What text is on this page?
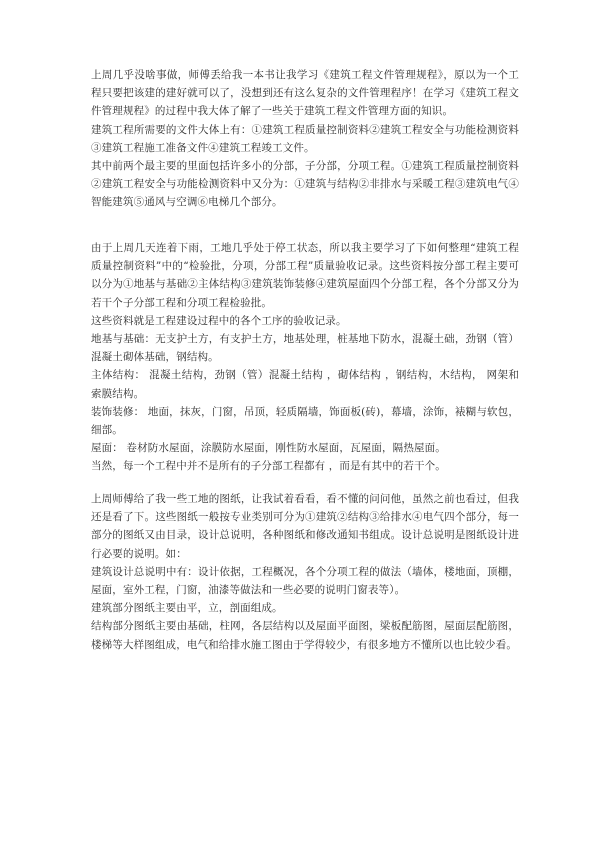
上周几乎没啥事做，师傅丢给我一本书让我学习《建筑工程文件管理规程》，原以为一个工程只要把该建的建好就可以了，没想到还有这么复杂的文件管理程序！在学习《建筑工程文件管理规程》的过程中我大体了解了一些关于建筑工程文件管理方面的知识。

建筑工程所需要的文件大体上有：①建筑工程质量控制资料②建筑工程安全与功能检测资料③建筑工程施工准备文件④建筑工程竣工文件。

其中前两个最主要的里面包括许多小的分部，子分部，分项工程。①建筑工程质量控制资料②建筑工程安全与功能检测资料中又分为：①建筑与结构②非排水与采暖工程③建筑电气④智能建筑⑤通风与空调⑥电梯几个部分。

由于上周几天连着下雨，工地几乎处于停工状态，所以我主要学习了下如何整理“建筑工程质量控制资料”中的“检验批，分项，分部工程”质量验收记录。这些资料按分部工程主要可以分为①地基与基础②主体结构③建筑装饰装修④建筑屋面四个分部工程，各个分部又分为若干个子分部工程和分项工程检验批。

这些资料就是工程建设过程中的各个工序的验收记录。

地基与基础：无支护土方，有支护土方，地基处理，桩基地下防水，混凝土础，劲钢（管）混凝土砌体基础，钢结构。

主体结构： 混凝土结构，劲钢（管）混凝土结构 ，砌体结构 ，钢结构，木结构， 网架和索膜结构。

装饰装修： 地面，抹灰，门窗，吊顶，轻质隔墙，饰面板(砖)，幕墙，涂饰，裱糊与软包，细部。

屋面： 卷材防水屋面，涂膜防水屋面，刚性防水屋面，瓦屋面，隔热屋面。

当然，每一个工程中并不是所有的子分部工程都有 ，而是有其中的若干个。

上周师傅给了我一些工地的图纸，让我试着看看，看不懂的问问他，虽然之前也看过，但我还是看了下。这些图纸一般按专业类别可分为①建筑②结构③给排水④电气四个部分，每一部分的图纸又由目录，设计总说明，各种图纸和修改通知书组成。设计总说明是图纸设计进行必要的说明。如：

建筑设计总说明中有：设计依据，工程概况，各个分项工程的做法（墙体，楼地面，顶棚，屋面，室外工程，门窗，油漆等做法和一些必要的说明门窗表等）。

建筑部分图纸主要由平，立，剖面组成。

结构部分图纸主要由基础，柱网，各层结构以及屋面平面图，梁板配筋图，屋面层配筋图，楼梯等大样图组成，电气和给排水施工图由于学得较少，有很多地方不懂所以也比较少看。
